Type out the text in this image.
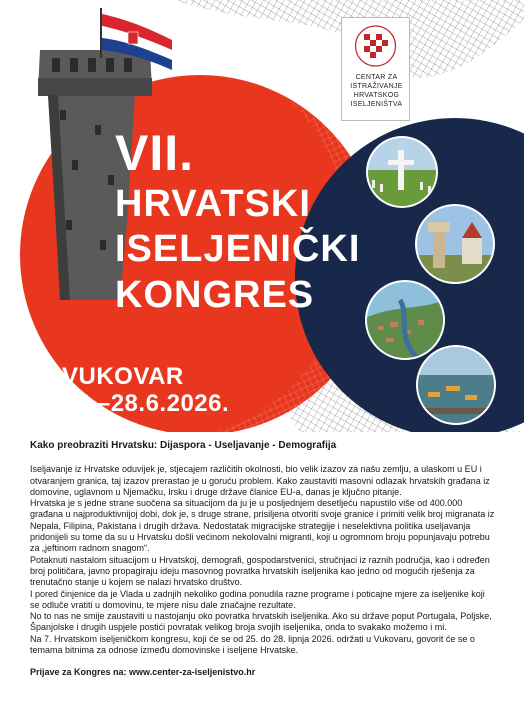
CENTAR ZA
ISTRAŽIVANJE
HRVATSKOG
ISELJENIŠTVA
VII.
HRVATSKI
ISELJENIČKI
KONGRES
VUKOVAR
25.–28.6.2026.
Kako preobraziti Hrvatsku: Dijaspora - Useljavanje - Demografija

Iseljavanje iz Hrvatske oduvijek je, stjecajem različitih okolnosti, bio velik izazov za našu zemlju, a ulaskom u EU i otvaranjem granica, taj izazov prerastao je u goruću problem. Kako zaustaviti masovni odlazak hrvatskih građana iz domovine, uglavnom u Njemačku, Irsku i druge države članice EU-a, danas je ključno pitanje.

Hrvatska je s jedne strane suočena sa situacijom da ju je u posljednjem desetljeću napustilo više od 400.000 građana u najproduktivnijoj dobi, dok je, s druge strane, prisiljena otvoriti svoje granice i primiti velik broj migranata iz Nepala, Filipina, Pakistana i drugih država. Nedostatak migracijske strategije i neselektivna politika useljavanja pridonijeli su tome da su u Hrvatsku došli većinom nekolovalni migranti, koji u ogromnom broju popunjavaju potrebu za „jeftinom radnom snagom“.

Potaknuti nastalom situacijom u Hrvatskoj, demografi, gospodarstvenici, stručnjaci iz raznih područja, kao i određen broj političara, javno propagiraju ideju masovnog povratka hrvatskih iseljenika kao jedno od mogućih rješenja za trenutačno stanje u kojem se nalazi hrvatsko društvo.

I pored činjenice da je Vlada u zadnjih nekoliko godina ponudila razne programe i poticajne mjere za iseljenike koji se odluče vratiti u domovinu, te mjere nisu dale značajne rezultate.

No to nas ne smije zaustaviti u nastojanju oko povratka hrvatskih iseljenika. Ako su države poput Portugala, Poljske, Španjolske i drugih uspjele postići povratak velikog broja svojih iseljenika, onda to svakako možemo i mi.

Na 7. Hrvatskom iseljeničkom kongresu, koji će se od 25. do 28. lipnja 2026. održati u Vukovaru, govorit će se o temama bitnima za odnose između domovinske i iseljene Hrvatske.

Prijave za Kongres na: www.center-za-iseljenistvo.hr
